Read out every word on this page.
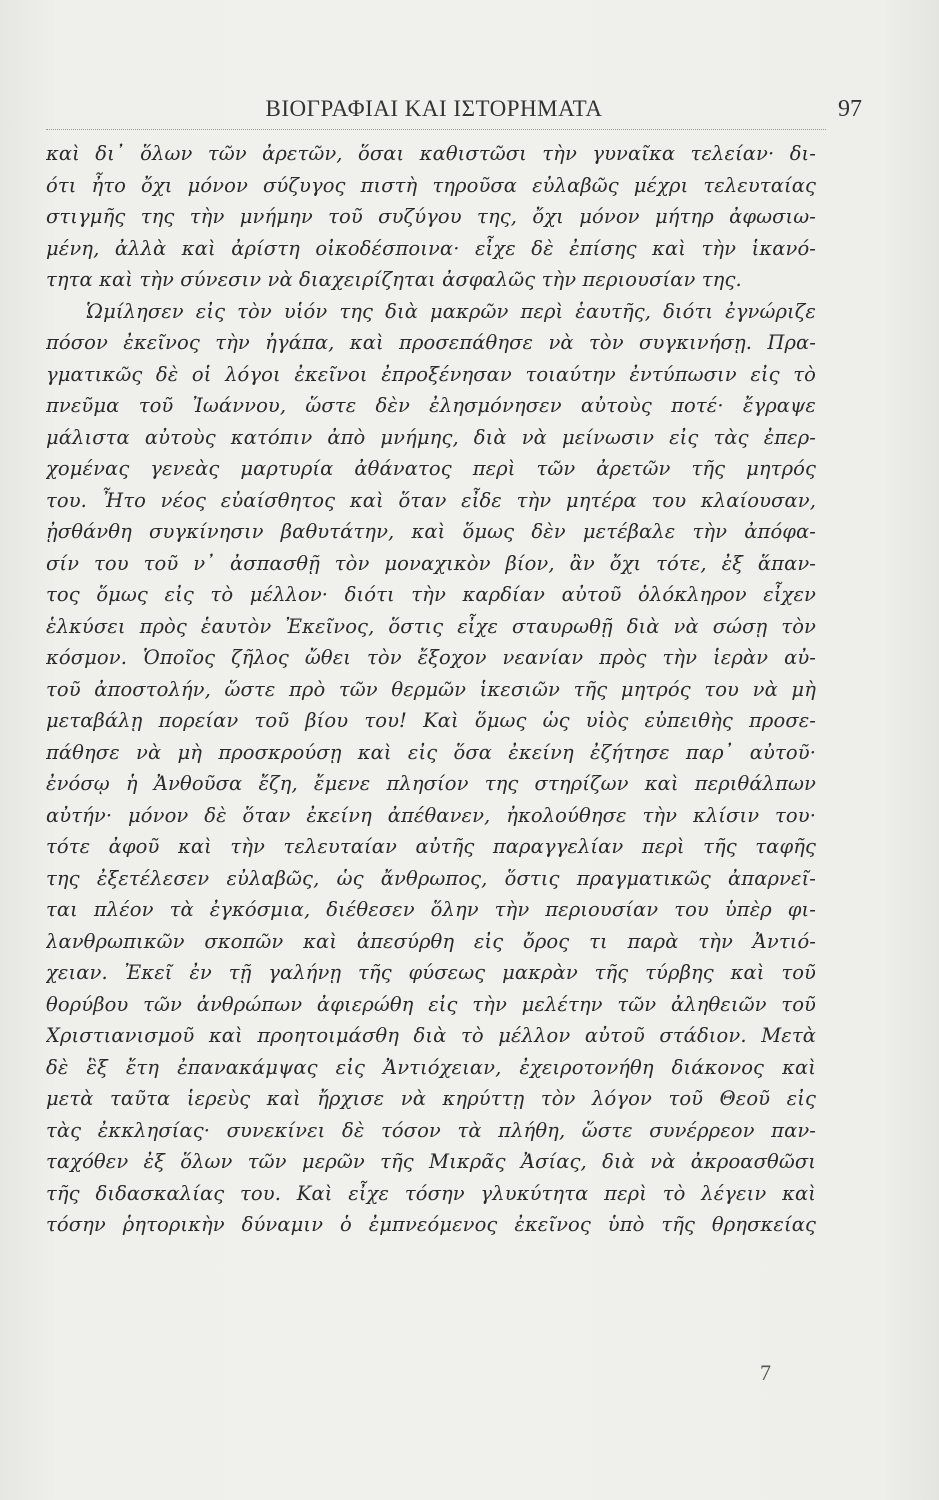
ΒΙΟΓΡΑΦΙΑΙ ΚΑΙ ΙΣΤΟΡΗΜΑΤΑ	97
καὶ δι᾿ ὅλων τῶν ἀρετῶν, ὅσαι καθιστῶσι τὴν γυναῖκα τελείαν· δι-
ότι ἦτο ὄχι μόνον σύζυγος πιστὴ τηροῦσα εὐλαβῶς μέχρι τελευταίας
στιγμῆς της τὴν μνήμην τοῦ συζύγου της, ὄχι μόνον μήτηρ ἀφωσιω-
μένη, ἀλλὰ καὶ ἀρίστη οἰκοδέσποινα· εἶχε δὲ ἐπίσης καὶ τὴν ἱκανό-
τητα καὶ τὴν σύνεσιν νὰ διαχειρίζηται ἀσφαλῶς τὴν περιουσίαν της.
Ὡμίλησεν εἰς τὸν υἱόν της διὰ μακρῶν περὶ ἑαυτῆς, διότι ἐγνώριζε
πόσον ἐκεῖνος τὴν ἠγάπα, καὶ προσεπάθησε νὰ τὸν συγκινήσῃ. Πρα-
γματικῶς δὲ οἱ λόγοι ἐκεῖνοι ἐπροξένησαν τοιαύτην ἐντύπωσιν εἰς τὸ
πνεῦμα τοῦ Ἰωάννου, ὥστε δὲν ἐλησμόνησεν αὐτοὺς ποτέ· ἔγραψε
μάλιστα αὐτοὺς κατόπιν ἀπὸ μνήμης, διὰ νὰ μείνωσιν εἰς τὰς ἐπερ-
χομένας γενεὰς μαρτυρία ἀθάνατος περὶ τῶν ἀρετῶν τῆς μητρός
του. Ἦτο νέος εὐαίσθητος καὶ ὅταν εἶδε τὴν μητέρα του κλαίουσαν,
ᾐσθάνθη συγκίνησιν βαθυτάτην, καὶ ὅμως δὲν μετέβαλε τὴν ἀπόφα-
σίν του τοῦ ν᾿ ἀσπασθῇ τὸν μοναχικὸν βίον, ἂν ὄχι τότε, ἐξ ἅπαν-
τος ὅμως εἰς τὸ μέλλον· διότι τὴν καρδίαν αὐτοῦ ὁλόκληρον εἶχεν
ἑλκύσει πρὸς ἑαυτὸν Ἐκεῖνος, ὅστις εἶχε σταυρωθῇ διὰ νὰ σώσῃ τὸν
κόσμον. Ὁποῖος ζῆλος ὤθει τὸν ἔξοχον νεανίαν πρὸς τὴν ἱερὰν αὐ-
τοῦ ἀποστολήν, ὥστε πρὸ τῶν θερμῶν ἱκεσιῶν τῆς μητρός του νὰ μὴ
μεταβάλῃ πορείαν τοῦ βίου του! Καὶ ὅμως ὡς υἱὸς εὐπειθὴς προσε-
πάθησε νὰ μὴ προσκρούσῃ καὶ εἰς ὅσα ἐκείνη ἐζήτησε παρ᾿ αὐτοῦ·
ἐνόσῳ ἡ Ἀνθοῦσα ἔζη, ἔμενε πλησίον της στηρίζων καὶ περιθάλπων
αὐτήν· μόνον δὲ ὅταν ἐκείνη ἀπέθανεν, ἠκολούθησε τὴν κλίσιν του·
τότε ἀφοῦ καὶ τὴν τελευταίαν αὐτῆς παραγγελίαν περὶ τῆς ταφῆς
της ἐξετέλεσεν εὐλαβῶς, ὡς ἄνθρωπος, ὅστις πραγματικῶς ἀπαρνεῖ-
ται πλέον τὰ ἐγκόσμια, διέθεσεν ὅλην τὴν περιουσίαν του ὑπὲρ φι-
λανθρωπικῶν σκοπῶν καὶ ἀπεσύρθη εἰς ὄρος τι παρὰ τὴν Ἀντιό-
χειαν. Ἐκεῖ ἐν τῇ γαλήνῃ τῆς φύσεως μακρὰν τῆς τύρβης καὶ τοῦ
θορύβου τῶν ἀνθρώπων ἀφιερώθη εἰς τὴν μελέτην τῶν ἀληθειῶν τοῦ
Χριστιανισμοῦ καὶ προητοιμάσθη διὰ τὸ μέλλον αὐτοῦ στάδιον. Μετὰ
δὲ ἓξ ἔτη ἐπανακάμψας εἰς Ἀντιόχειαν, ἐχειροτονήθη διάκονος καὶ
μετὰ ταῦτα ἱερεὺς καὶ ἤρχισε νὰ κηρύττῃ τὸν λόγον τοῦ Θεοῦ εἰς
τὰς ἐκκλησίας· συνεκίνει δὲ τόσον τὰ πλήθη, ὥστε συνέρρεον παν-
ταχόθεν ἐξ ὅλων τῶν μερῶν τῆς Μικρᾶς Ἀσίας, διὰ νὰ ἀκροασθῶσι
τῆς διδασκαλίας του. Καὶ εἶχε τόσην γλυκύτητα περὶ τὸ λέγειν καὶ
τόσην ῥητορικὴν δύναμιν ὁ ἐμπνεόμενος ἐκεῖνος ὑπὸ τῆς θρησκείας
7
